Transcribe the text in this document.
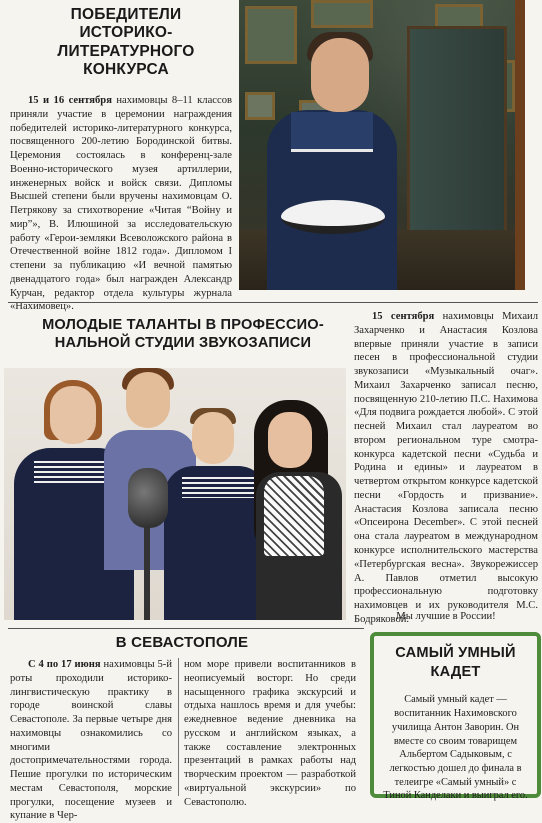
ПОБЕДИТЕЛИ
ИСТОРИКО-
ЛИТЕРАТУРНОГО
КОНКУРСА
15 и 16 сентября нахимовцы 8–11 классов приняли участие в церемонии награждения победителей историко-литературного конкурса, посвященного 200-летию Бородинской битвы. Церемония состоялась в конференц-зале Военно-исторического музея артиллерии, инженерных войск и войск связи. Дипломы Высшей степени были вручены нахимовцам О. Петрякову за стихотворение «Читая “Войну и мир”», В. Илюшиной за исследовательскую работу «Герои-земляки Всеволожского района в Отечественной войне 1812 года». Дипломом I степени за публикацию «И вечной памятью двенадцатого года» был награжден Александр Курчан, редактор отдела культуры журнала «Нахимовец».
МОЛОДЫЕ ТАЛАНТЫ В ПРОФЕССИО-
НАЛЬНОЙ СТУДИИ ЗВУКОЗАПИСИ
15 сентября нахимовцы Михаил Захарченко и Анастасия Козлова впервые приняли участие в записи песен в профессиональной студии звукозаписи «Музыкальный очаг». Михаил Захарченко записал песню, посвященную 210-летию П.С. Нахимова «Для подвига рождается любой». С этой песней Михаил стал лауреатом во втором региональном туре смотра-конкурса кадетской песни «Судьба и Родина и едины» и лауреатом в четвертом открытом конкурсе кадетской песни «Гордость и призвание». Анастасия Козлова записала песню «Опсеирона December». С этой песней она стала лауреатом в международном конкурсе исполнительского мастерства «Петербургская весна». Звукорежиссер А. Павлов отметил высокую профессиональную подготовку нахимовцев и их руководителя М.С. Бодряковой.
Мы лучшие в России!
В СЕВАСТОПОЛЕ
С 4 по 17 июня нахимовцы 5-й роты проходили историко-лингвистическую практику в городе воинской славы Севастополе. За первые четыре дня нахимовцы ознакомились со многими достопримечательностями города. Пешие прогулки по историческим местам Севастополя, морские прогулки, посещение музеев и купание в Чер-
ном море привели воспитанников в неописуемый восторг. Но среди насыщенного графика экскурсий и отдыха нашлось время и для учебы: ежедневное ведение дневника на русском и английском языках, а также составление электронных презентаций в рамках работы над творческим проектом — разработкой «виртуальной экскурсии» по Севастополю.
САМЫЙ УМНЫЙ
КАДЕТ
Самый умный кадет — воспитанник Нахимовского училища Антон Заворин. Он вместе со своим товарищем Альбертом Садыковым, с легкостью дошел до финала в телеигре «Самый умный» с Тиной Канделаки и выиграл его.
